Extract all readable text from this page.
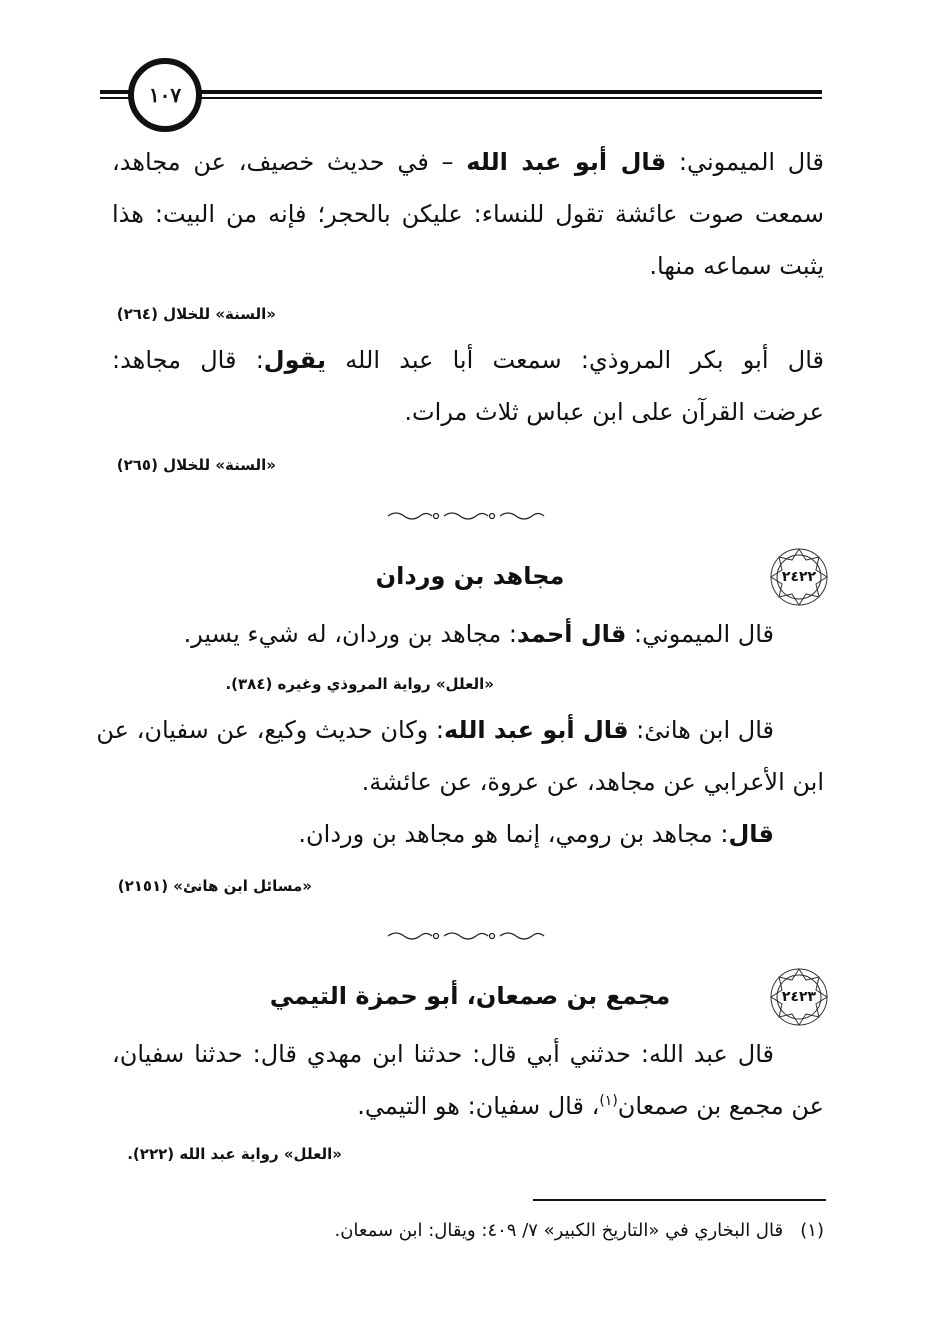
١٠٧
قال الميموني: قال أبو عبد الله – في حديث خصيف، عن مجاهد،
سمعت صوت عائشة تقول للنساء: عليكن بالحجر؛ فإنه من البيت: هذا
يثبت سماعه منها.
«السنة» للخلال (٢٦٤)
قال أبو بكر المروذي: سمعت أبا عبد الله يقول: قال مجاهد:
عرضت القرآن على ابن عباس ثلاث مرات.
«السنة» للخلال (٢٦٥)
٢٤٢٢
مجاهد بن وردان
قال الميموني: قال أحمد: مجاهد بن وردان، له شيء يسير.
«العلل» رواية المروذي وغيره (٣٨٤).
قال ابن هانئ: قال أبو عبد الله: وكان حديث وكيع، عن سفيان، عن
ابن الأعرابي عن مجاهد، عن عروة، عن عائشة.
قال: مجاهد بن رومي، إنما هو مجاهد بن وردان.
«مسائل ابن هانئ» (٢١٥١)
٢٤٢٣
مجمع بن صمعان، أبو حمزة التيمي
قال عبد الله: حدثني أبي قال: حدثنا ابن مهدي قال: حدثنا سفيان،
عن مجمع بن صمعان$^{(١)}$، قال سفيان: هو التيمي.
«العلل» رواية عبد الله (٢٢٢).
(١)   قال البخاري في «التاريخ الكبير» ٧/ ٤٠٩: ويقال: ابن سمعان.
